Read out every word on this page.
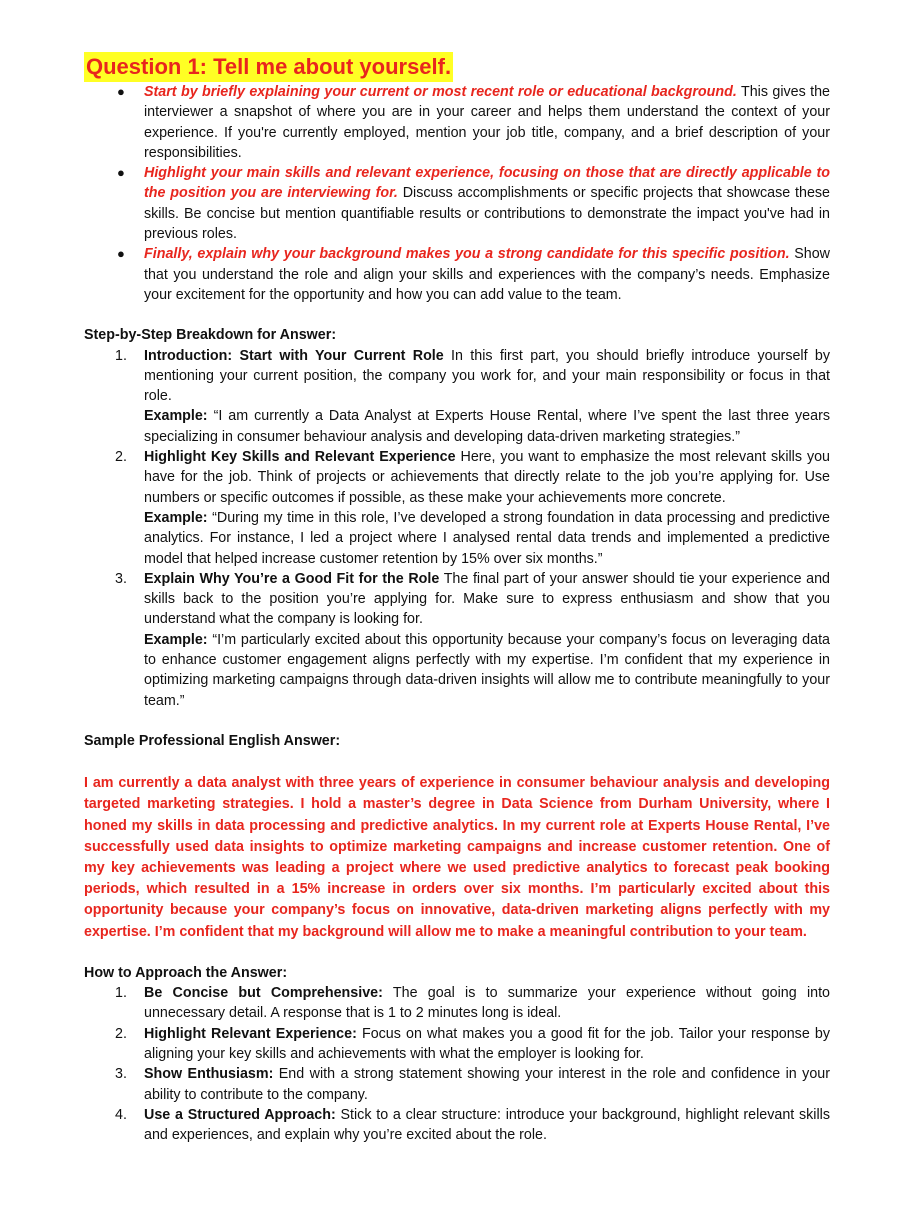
Question 1: Tell me about yourself.
● Start by briefly explaining your current or most recent role or educational background. This gives the interviewer a snapshot of where you are in your career and helps them understand the context of your experience. If you're currently employed, mention your job title, company, and a brief description of your responsibilities.
● Highlight your main skills and relevant experience, focusing on those that are directly applicable to the position you are interviewing for. Discuss accomplishments or specific projects that showcase these skills. Be concise but mention quantifiable results or contributions to demonstrate the impact you've had in previous roles.
● Finally, explain why your background makes you a strong candidate for this specific position. Show that you understand the role and align your skills and experiences with the company’s needs. Emphasize your excitement for the opportunity and how you can add value to the team.
Step-by-Step Breakdown for Answer:
1. Introduction: Start with Your Current Role In this first part, you should briefly introduce yourself by mentioning your current position, the company you work for, and your main responsibility or focus in that role.
Example: “I am currently a Data Analyst at Experts House Rental, where I’ve spent the last three years specializing in consumer behaviour analysis and developing data-driven marketing strategies.”
2. Highlight Key Skills and Relevant Experience Here, you want to emphasize the most relevant skills you have for the job. Think of projects or achievements that directly relate to the job you’re applying for. Use numbers or specific outcomes if possible, as these make your achievements more concrete.
Example: “During my time in this role, I’ve developed a strong foundation in data processing and predictive analytics. For instance, I led a project where I analysed rental data trends and implemented a predictive model that helped increase customer retention by 15% over six months.”
3. Explain Why You’re a Good Fit for the Role The final part of your answer should tie your experience and skills back to the position you’re applying for. Make sure to express enthusiasm and show that you understand what the company is looking for.
Example: “I’m particularly excited about this opportunity because your company’s focus on leveraging data to enhance customer engagement aligns perfectly with my expertise. I’m confident that my experience in optimizing marketing campaigns through data-driven insights will allow me to contribute meaningfully to your team.”
Sample Professional English Answer:
I am currently a data analyst with three years of experience in consumer behaviour analysis and developing targeted marketing strategies. I hold a master’s degree in Data Science from Durham University, where I honed my skills in data processing and predictive analytics. In my current role at Experts House Rental, I’ve successfully used data insights to optimize marketing campaigns and increase customer retention. One of my key achievements was leading a project where we used predictive analytics to forecast peak booking periods, which resulted in a 15% increase in orders over six months. I’m particularly excited about this opportunity because your company’s focus on innovative, data-driven marketing aligns perfectly with my expertise. I’m confident that my background will allow me to make a meaningful contribution to your team.
How to Approach the Answer:
1. Be Concise but Comprehensive: The goal is to summarize your experience without going into unnecessary detail. A response that is 1 to 2 minutes long is ideal.
2. Highlight Relevant Experience: Focus on what makes you a good fit for the job. Tailor your response by aligning your key skills and achievements with what the employer is looking for.
3. Show Enthusiasm: End with a strong statement showing your interest in the role and confidence in your ability to contribute to the company.
4. Use a Structured Approach: Stick to a clear structure: introduce your background, highlight relevant skills and experiences, and explain why you’re excited about the role.
